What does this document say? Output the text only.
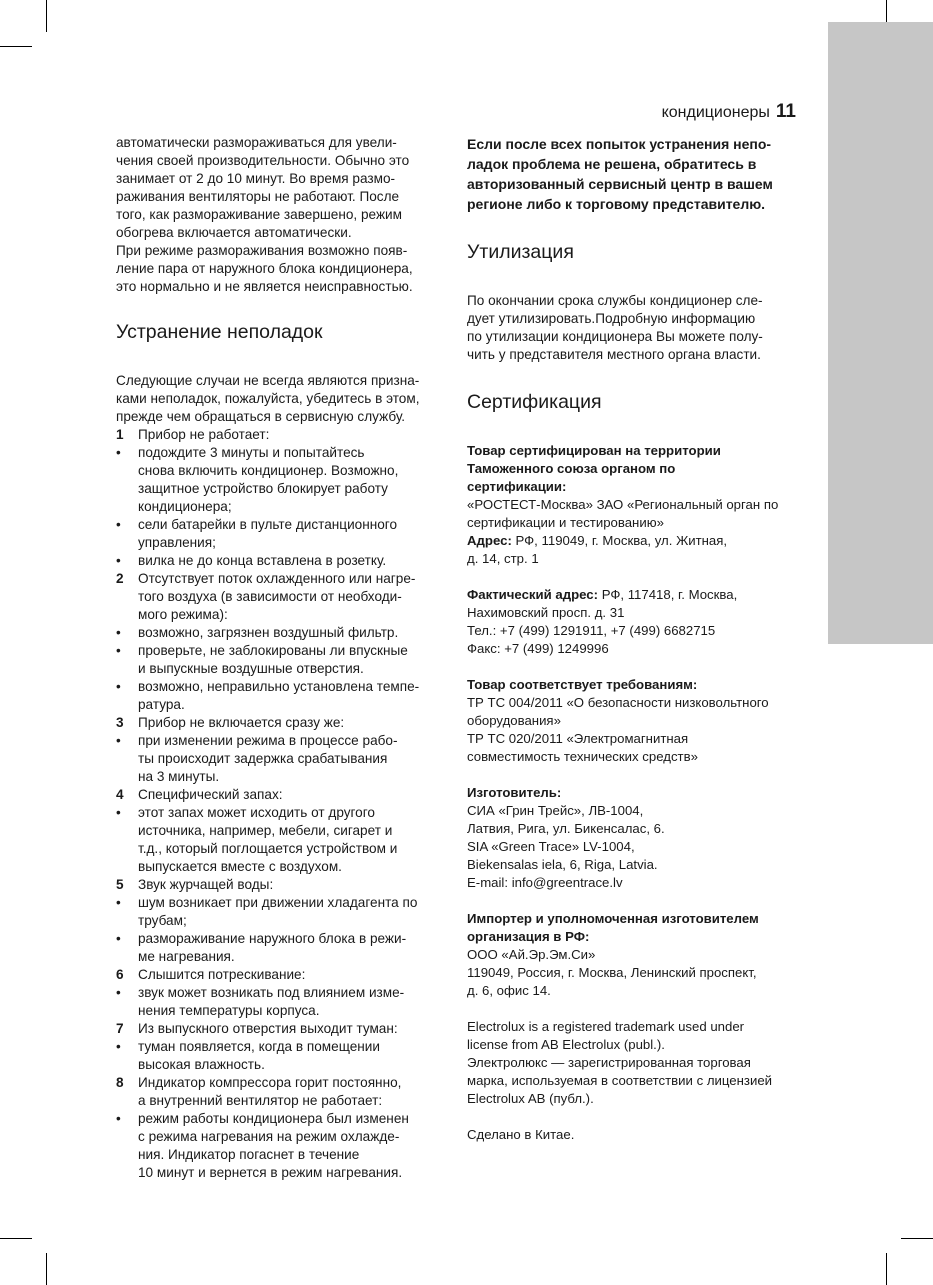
кондиционеры 11

автоматически размораживаться для увели-

чения своей производительности. Обычно это

занимает от 2 до 10 минут. Во время размо-

раживания вентиляторы не работают. После

того, как размораживание завершено, режим

обогрева включается автоматически.

При режиме размораживания возможно появ-

ление пара от наружного блока кондиционера,

это нормально и не является неисправностью.

Устранение неполадок

Следующие случаи не всегда являются призна-

ками неполадок, пожалуйста, убедитесь в этом,

прежде чем обращаться в сервисную службу.

1 Прибор не работает:

• подождите 3 минуты и попытайтесь

снова включить кондиционер. Возможно,

защитное устройство блокирует работу

кондиционера;

• сели батарейки в пульте дистанционного

управления;

• вилка не до конца вставлена в розетку.

2 Отсутствует поток охлажденного или нагре-

того воздуха (в зависимости от необходи-

мого режима):

• возможно, загрязнен воздушный фильтр.

• проверьте, не заблокированы ли впускные

и выпускные воздушные отверстия.

• возможно, неправильно установлена темпе-

ратура.

3 Прибор не включается сразу же:

• при изменении режима в процессе рабо-

ты происходит задержка срабатывания

на 3 минуты.

4 Специфический запах:

• этот запах может исходить от другого

источника, например, мебели, сигарет и

т.д., который поглощается устройством и

выпускается вместе с воздухом.

5 Звук журчащей воды:

• шум возникает при движении хладагента по

трубам;

• размораживание наружного блока в режи-

ме нагревания.

6 Слышится потрескивание:

• звук может возникать под влиянием изме-

нения температуры корпуса.

7 Из выпускного отверстия выходит туман:

• туман появляется, когда в помещении

высокая влажность.

8 Индикатор компрессора горит постоянно,

а внутренний вентилятор не работает:

• режим работы кондиционера был изменен

с режима нагревания на режим охлажде-

ния. Индикатор погаснет в течение

10 минут и вернется в режим нагревания.

Если после всех попыток устранения непо-

ладок проблема не решена, обратитесь в

авторизованный сервисный центр в вашем

регионе либо к торговому представителю.

Утилизация

По окончании срока службы кондиционер сле-

дует утилизировать.Подробную информацию

по утилизации кондиционера Вы можете полу-

чить у представителя местного органа власти.

Сертификация

Товар сертифицирован на территории

Таможенного союза органом по

сертификации:

«РОСТЕСТ-Москва» ЗАО «Региональный орган по

сертификации и тестированию»

Адрес: РФ, 119049, г. Москва, ул. Житная,

д. 14, стр. 1

Фактический адрес: РФ, 117418, г. Москва,

Нахимовский просп. д. 31

Тел.: +7 (499) 1291911, +7 (499) 6682715

Факс: +7 (499) 1249996

Товар соответствует требованиям:

ТР ТС 004/2011 «О безопасности низковольтного

оборудования»

ТР ТС 020/2011 «Электромагнитная

совместимость технических средств»

Изготовитель:

СИА «Грин Трейс», ЛВ-1004,

Латвия, Рига, ул. Бикенсалас, 6.

SIA «Green Trace» LV-1004,

Biekensalas iela, 6, Riga, Latvia.

E-mail: info@greentrace.lv

Импортер и уполномоченная изготовителем

организация в РФ:

ООО «Ай.Эр.Эм.Си»

119049, Россия, г. Москва, Ленинский проспект,

д. 6, офис 14.

Electrolux is a registered trademark used under

license from AB Electrolux (publ.).

Электролюкс — зарегистрированная торговая

марка, используемая в соответствии с лицензией

Electrolux AB (публ.).

Сделано в Китае.
